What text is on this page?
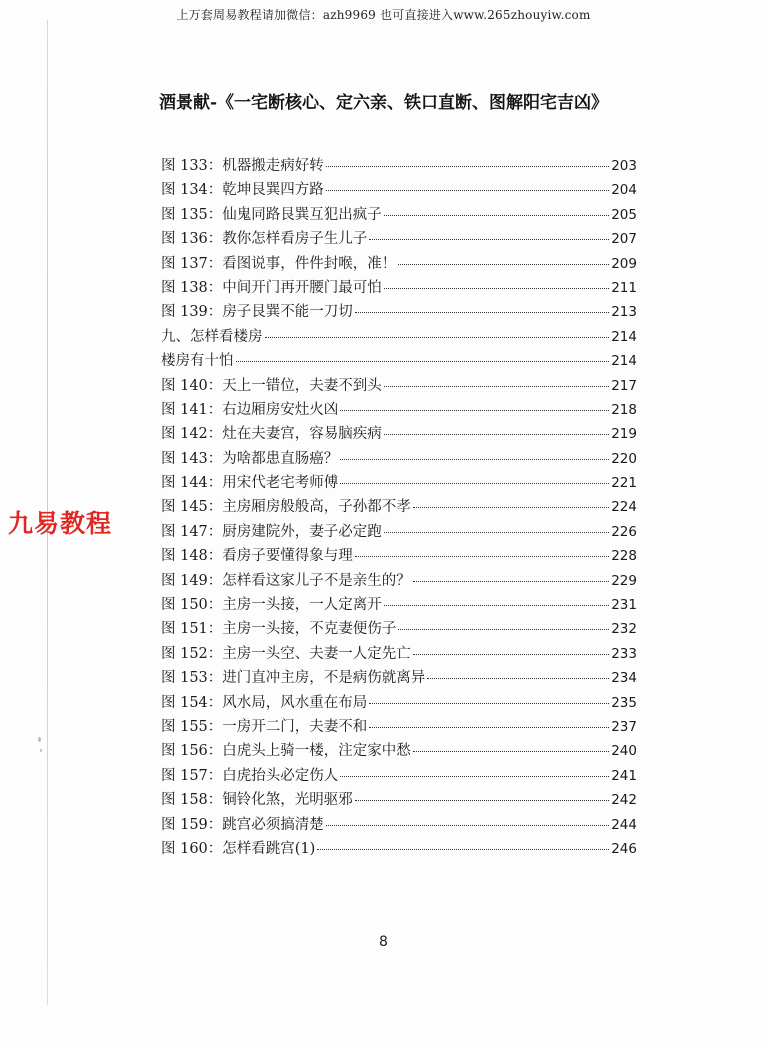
上万套周易教程请加微信：azh9969 也可直接进入www.265zhouyiw.com
酒景献-《一宅断核心、定六亲、铁口直断、图解阳宅吉凶》
九易教程
图 133：机器搬走病好转	203
图 134：乾坤艮巽四方路	204
图 135：仙鬼同路艮巽互犯出疯子	205
图 136：教你怎样看房子生儿子	207
图 137：看图说事，件件封喉，准！	209
图 138：中间开门再开腰门最可怕	211
图 139：房子艮巽不能一刀切	213
九、怎样看楼房	214
楼房有十怕	214
图 140：天上一错位，夫妻不到头	217
图 141：右边厢房安灶火凶	218
图 142：灶在夫妻宫，容易脑疾病	219
图 143：为啥都患直肠癌？	220
图 144：用宋代老宅考师傅	221
图 145：主房厢房般般高，子孙都不孝	224
图 147：厨房建院外，妻子必定跑	226
图 148：看房子要懂得象与理	228
图 149：怎样看这家儿子不是亲生的？	229
图 150：主房一头接，一人定离开	231
图 151：主房一头接，不克妻便伤子	232
图 152：主房一头空、夫妻一人定先亡	233
图 153：进门直冲主房，不是病伤就离异	234
图 154：风水局，风水重在布局	235
图 155：一房开二门，夫妻不和	237
图 156：白虎头上骑一楼，注定家中愁	240
图 157：白虎抬头必定伤人	241
图 158：铜铃化煞，光明驱邪	242
图 159：跳宫必须搞清楚	244
图 160：怎样看跳宫(1)	246
8
